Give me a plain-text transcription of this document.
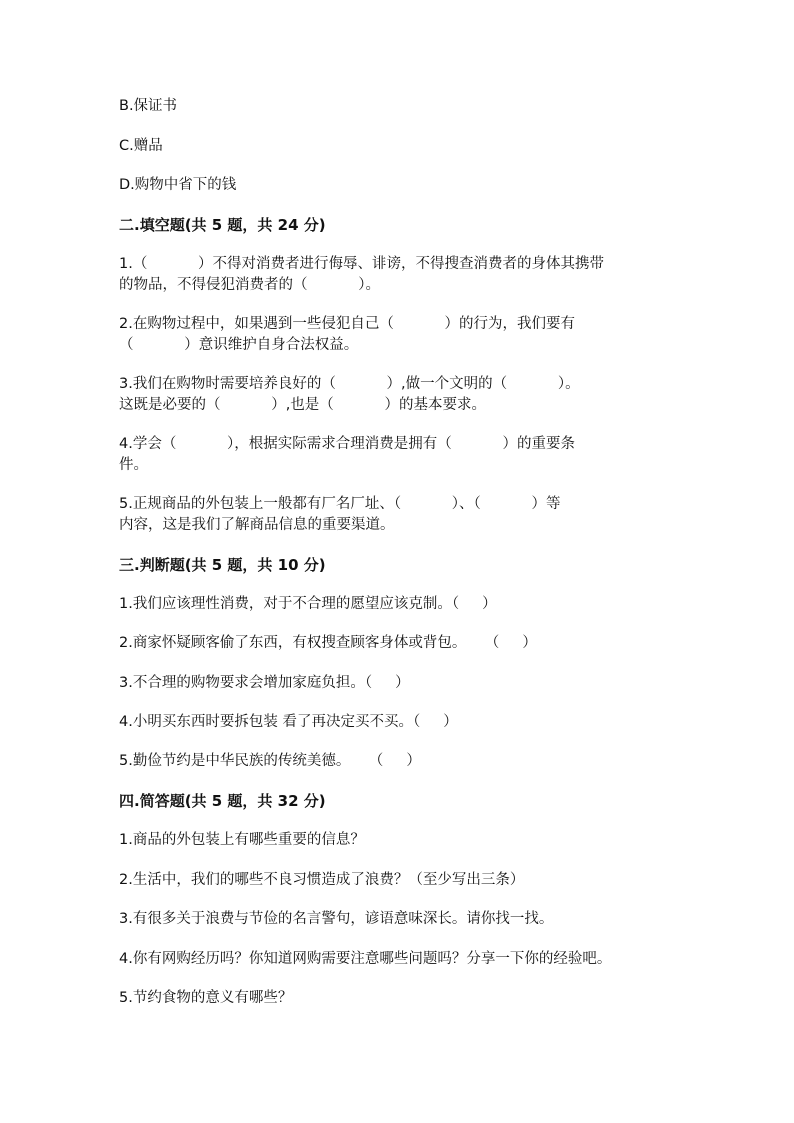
B.保证书
C.赠品
D.购物中省下的钱
二.填空题(共 5 题，共 24 分)
1.（           ）不得对消费者进行侮辱、诽谤，不得搜查消费者的身体其携带
的物品，不得侵犯消费者的（           ）。
2.在购物过程中，如果遇到一些侵犯自己（           ）的行为，我们要有
（           ）意识维护自身合法权益。
3.我们在购物时需要培养良好的（           ）,做一个文明的（           ）。
这既是必要的（           ）,也是（           ）的基本要求。
4.学会（           ），根据实际需求合理消费是拥有（           ）的重要条
件。
5.正规商品的外包装上一般都有厂名厂址、（           ）、（           ）等
内容，这是我们了解商品信息的重要渠道。
三.判断题(共 5 题，共 10 分)
1.我们应该理性消费，对于不合理的愿望应该克制。（     ）
2.商家怀疑顾客偷了东西，有权搜查顾客身体或背包。    （     ）
3.不合理的购物要求会增加家庭负担。（     ）
4.小明买东西时要拆包装 看了再决定买不买。（     ）
5.勤俭节约是中华民族的传统美德。    （     ）
四.简答题(共 5 题，共 32 分)
1.商品的外包装上有哪些重要的信息？
2.生活中，我们的哪些不良习惯造成了浪费？（至少写出三条）
3.有很多关于浪费与节俭的名言警句，谚语意味深长。请你找一找。
4.你有网购经历吗？你知道网购需要注意哪些问题吗？分享一下你的经验吧。
5.节约食物的意义有哪些？
